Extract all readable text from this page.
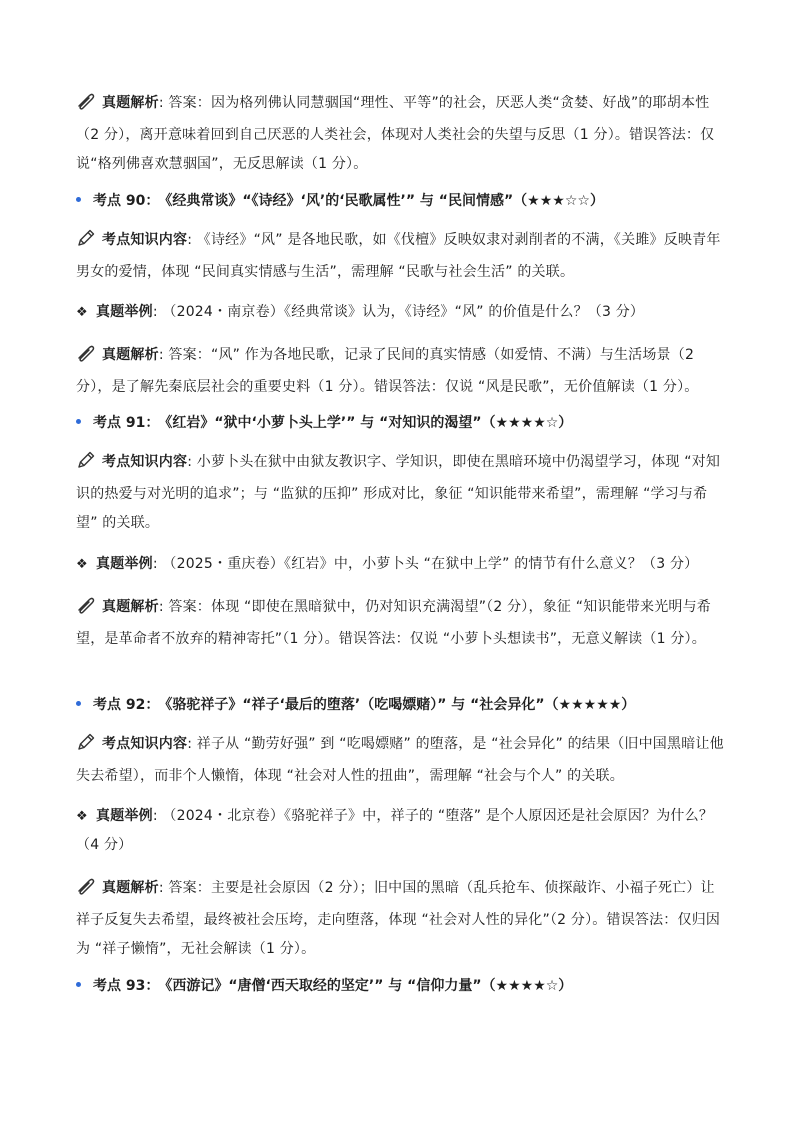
真题解析: 答案：因为格列佛认同慧骃国“理性、平等”的社会，厌恶人类“贪婪、好战”的耶胡本性（2 分），离开意味着回到自己厌恶的人类社会，体现对人类社会的失望与反思（1 分）。错误答法：仅说“格列佛喜欢慧骃国”，无反思解读（1 分）。
考点 90： 《经典常谈》“《诗经》‘风’的‘民歌属性’” 与 “民间情感”（★★★☆☆）
考点知识内容: 《诗经》“风” 是各地民歌，如《伐檀》反映奴隶对剥削者的不满，《关雎》反映青年男女的爱情，体现 “民间真实情感与生活”，需理解 “民歌与社会生活” 的关联。
❖ 真题举例: （2024・南京卷）《经典常谈》认为，《诗经》“风” 的价值是什么？（3 分）
真题解析: 答案：“风” 作为各地民歌，记录了民间的真实情感（如爱情、不满）与生活场景（2 分），是了解先秦底层社会的重要史料（1 分）。错误答法：仅说 “风是民歌”，无价值解读（1 分）。
考点 91： 《红岩》“狱中‘小萝卜头上学’” 与 “对知识的渴望”（★★★★☆）
考点知识内容: 小萝卜头在狱中由狱友教识字、学知识，即使在黑暗环境中仍渴望学习，体现 “对知识的热爱与对光明的追求”；与 “监狱的压抑” 形成对比，象征 “知识能带来希望”，需理解 “学习与希望” 的关联。
❖ 真题举例: （2025・重庆卷）《红岩》中，小萝卜头 “在狱中上学” 的情节有什么意义？（3 分）
真题解析: 答案：体现 “即使在黑暗狱中，仍对知识充满渴望”（2 分），象征 “知识能带来光明与希望，是革命者不放弃的精神寄托”（1 分）。错误答法：仅说 “小萝卜头想读书”，无意义解读（1 分）。
考点 92： 《骆驼祥子》“祥子‘最后的堕落’（吃喝嫖赌）” 与 “社会异化”（★★★★★）
考点知识内容: 祥子从 “勤劳好强” 到 “吃喝嫖赌” 的堕落，是 “社会异化” 的结果（旧中国黑暗让他失去希望），而非个人懒惰，体现 “社会对人性的扭曲”，需理解 “社会与个人” 的关联。
❖ 真题举例: （2024・北京卷）《骆驼祥子》中，祥子的 “堕落” 是个人原因还是社会原因？为什么？（4 分）
真题解析: 答案：主要是社会原因（2 分）；旧中国的黑暗（乱兵抢车、侦探敲诈、小福子死亡）让祥子反复失去希望，最终被社会压垮，走向堕落，体现 “社会对人性的异化”（2 分）。错误答法：仅归因为 “祥子懒惰”，无社会解读（1 分）。
考点 93： 《西游记》“唐僧‘西天取经的坚定’” 与 “信仰力量”（★★★★☆）
